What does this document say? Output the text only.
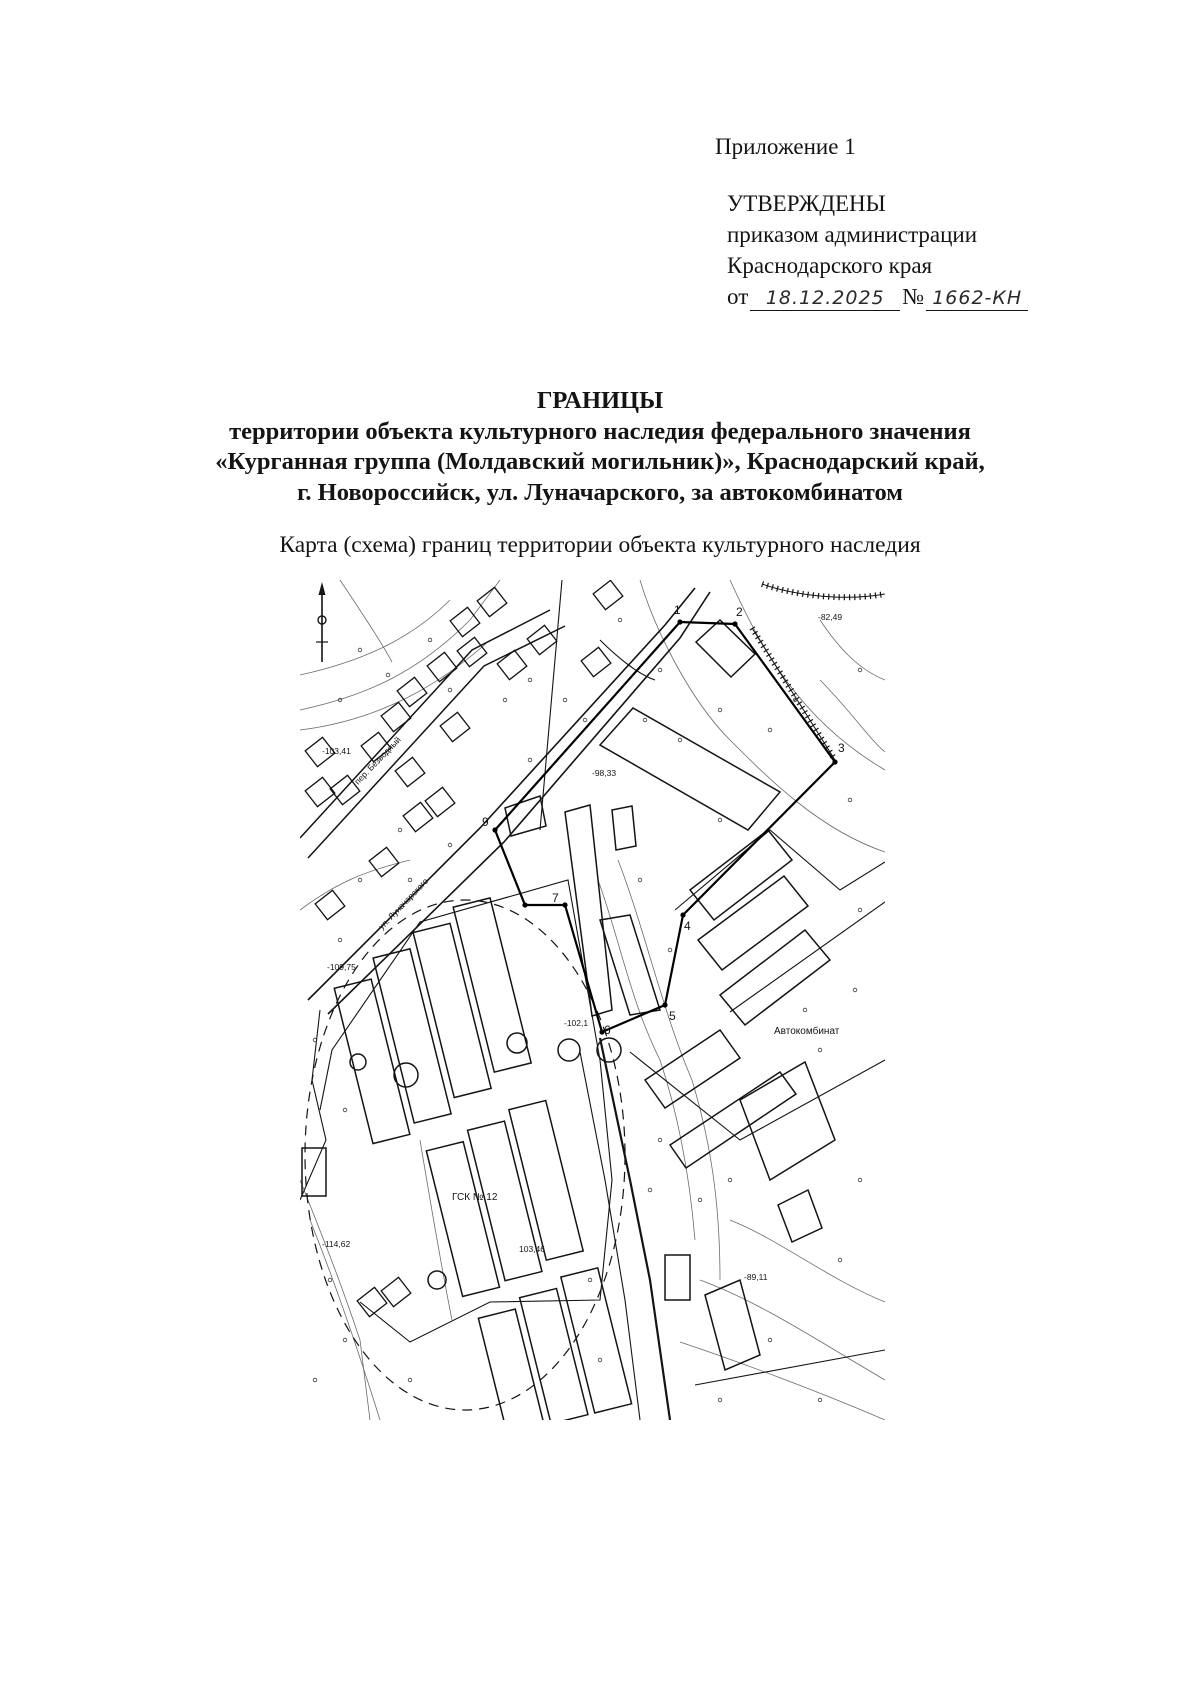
Приложение 1
УТВЕРЖДЕНЫ
приказом администрации
Краснодарского края
от 18.12.2025 № 1662-КН
ГРАНИЦЫ
территории объекта культурного наследия федерального значения
«Курганная группа (Молдавский могильник)», Краснодарский край,
г. Новороссийск, ул. Луначарского, за автокомбинатом
Карта (схема) границ территории объекта культурного наследия
1	2
3
4
5
6
7
9
-82,49
-103,41
-98,33
-109,75
-102,1
-114,62	103,46
-89,11
пер. Безводный
ул. Луначарского
Автокомбинат
ГСК № 12
